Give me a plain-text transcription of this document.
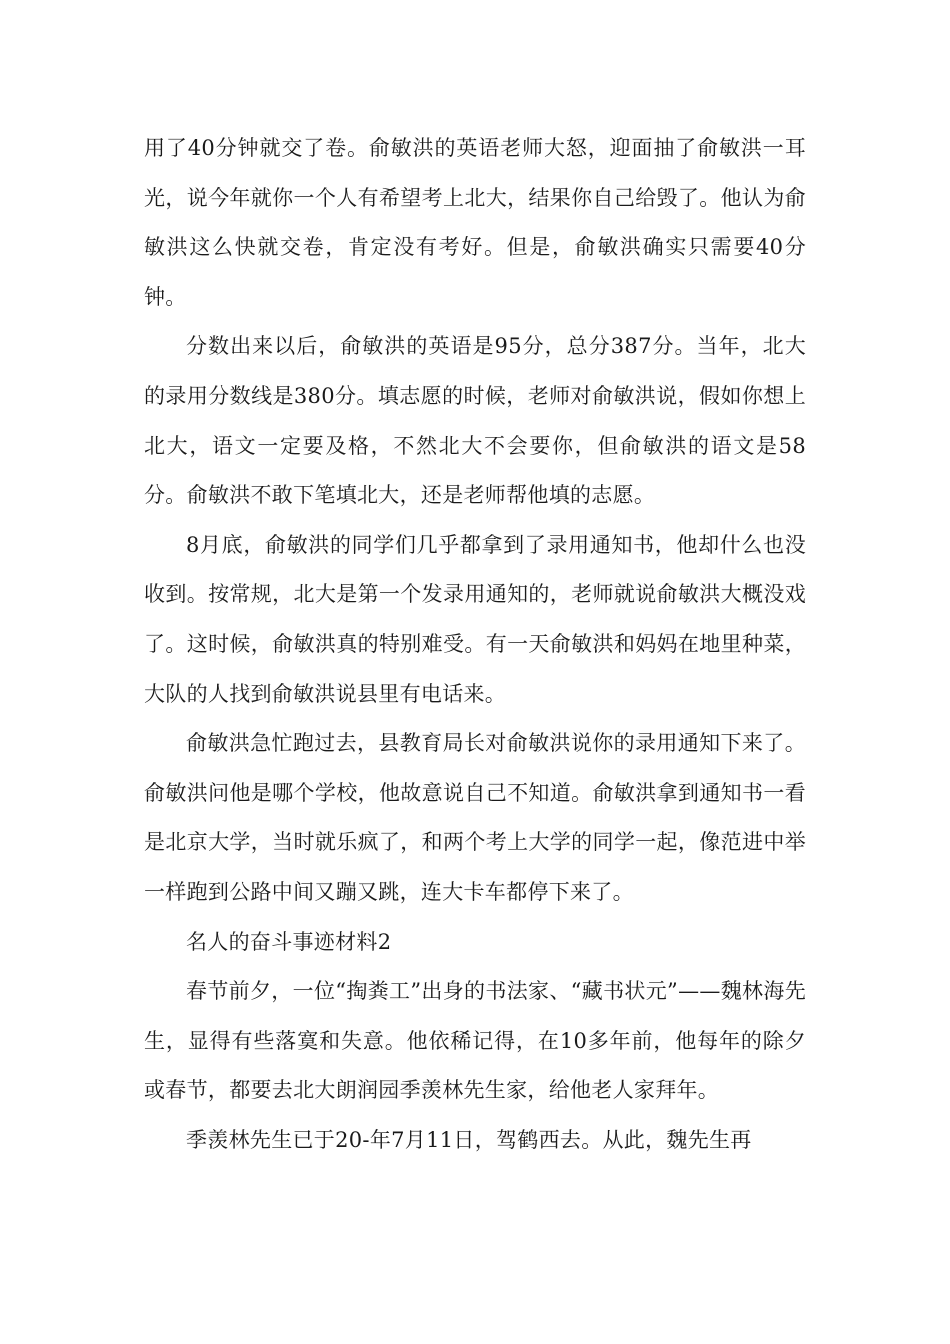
用了40分钟就交了卷。俞敏洪的英语老师大怒，迎面抽了俞敏洪一耳光，说今年就你一个人有希望考上北大，结果你自己给毁了。他认为俞敏洪这么快就交卷，肯定没有考好。但是，俞敏洪确实只需要40分钟。

分数出来以后，俞敏洪的英语是95分，总分387分。当年，北大的录用分数线是380分。填志愿的时候，老师对俞敏洪说，假如你想上北大，语文一定要及格，不然北大不会要你，但俞敏洪的语文是58分。俞敏洪不敢下笔填北大，还是老师帮他填的志愿。

8月底，俞敏洪的同学们几乎都拿到了录用通知书，他却什么也没收到。按常规，北大是第一个发录用通知的，老师就说俞敏洪大概没戏了。这时候，俞敏洪真的特别难受。有一天俞敏洪和妈妈在地里种菜，大队的人找到俞敏洪说县里有电话来。

俞敏洪急忙跑过去，县教育局长对俞敏洪说你的录用通知下来了。俞敏洪问他是哪个学校，他故意说自己不知道。俞敏洪拿到通知书一看是北京大学，当时就乐疯了，和两个考上大学的同学一起，像范进中举一样跑到公路中间又蹦又跳，连大卡车都停下来了。

名人的奋斗事迹材料2

春节前夕，一位“掏粪工”出身的书法家、“藏书状元”——魏林海先生，显得有些落寞和失意。他依稀记得，在10多年前，他每年的除夕或春节，都要去北大朗润园季羡林先生家，给他老人家拜年。

季羡林先生已于20-年7月11日，驾鹤西去。从此，魏先生再
